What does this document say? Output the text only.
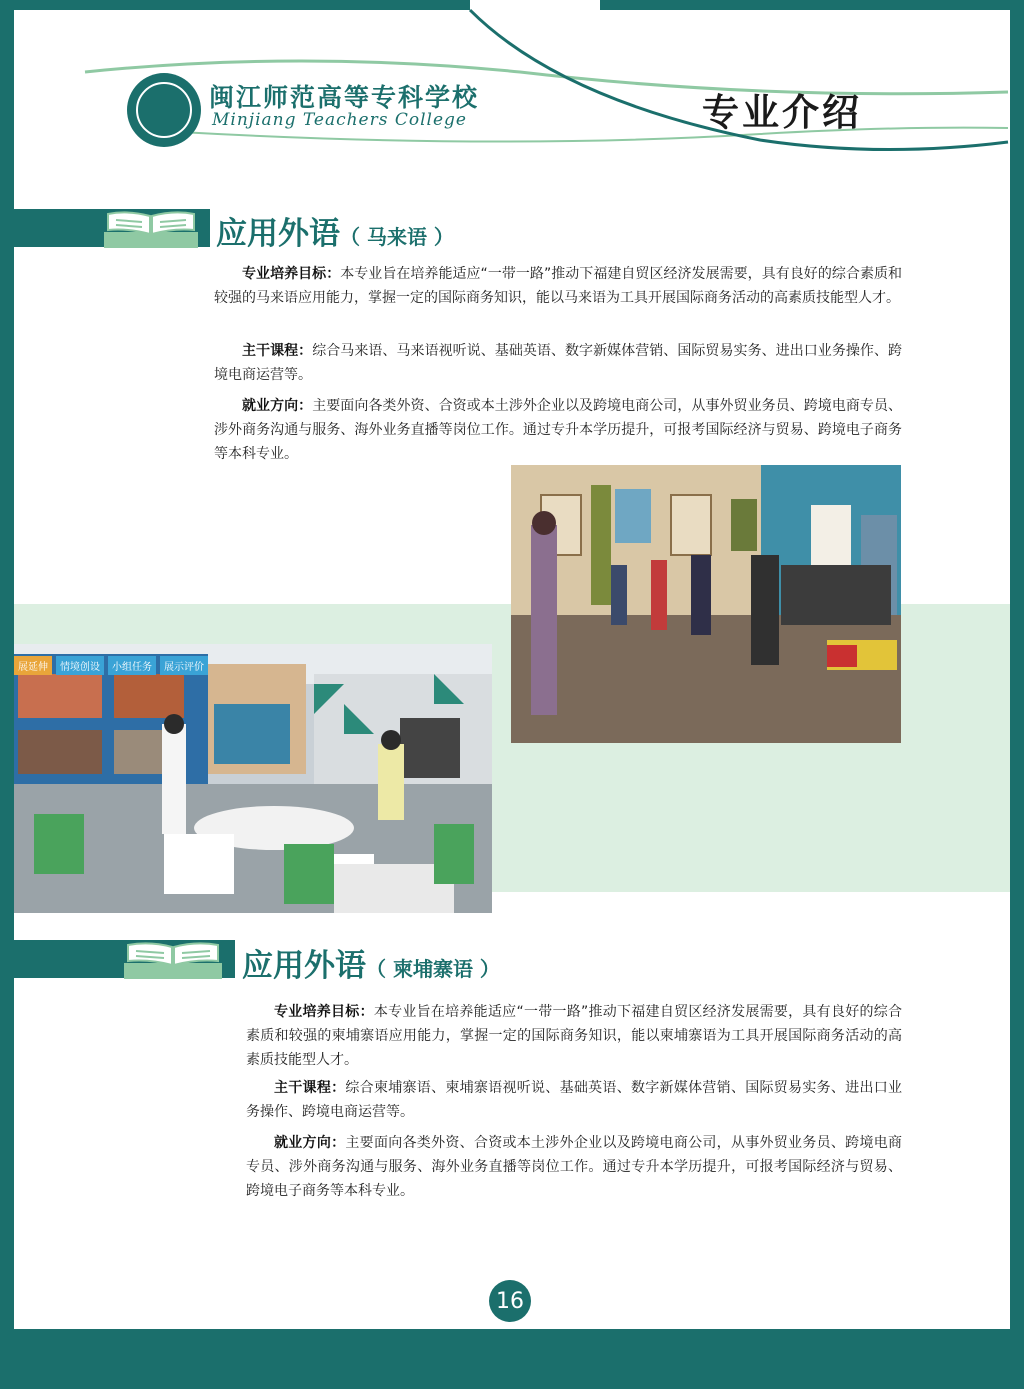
闽江师范高等专科学校
Minjiang Teachers College	专业介绍
应用外语（ 马来语 ）

专业培养目标：本专业旨在培养能适应“一带一路”推动下福建自贸区经济发展需要，具有良好的综合素质和较强的马来语应用能力，掌握一定的国际商务知识，能以马来语为工具开展国际商务活动的高素质技能型人才。

主干课程：综合马来语、马来语视听说、基础英语、数字新媒体营销、国际贸易实务、进出口业务操作、跨境电商运营等。

就业方向：主要面向各类外资、合资或本土涉外企业以及跨境电商公司，从事外贸业务员、跨境电商专员、涉外商务沟通与服务、海外业务直播等岗位工作。通过专升本学历提升，可报考国际经济与贸易、跨境电子商务等本科专业。

展延伸	情境创设	小组任务	展示评价
应用外语（ 柬埔寨语 ）

专业培养目标：本专业旨在培养能适应“一带一路”推动下福建自贸区经济发展需要，具有良好的综合素质和较强的柬埔寨语应用能力，掌握一定的国际商务知识，能以柬埔寨语为工具开展国际商务活动的高素质技能型人才。

主干课程：综合柬埔寨语、柬埔寨语视听说、基础英语、数字新媒体营销、国际贸易实务、进出口业务操作、跨境电商运营等。

就业方向：主要面向各类外资、合资或本土涉外企业以及跨境电商公司，从事外贸业务员、跨境电商专员、涉外商务沟通与服务、海外业务直播等岗位工作。通过专升本学历提升，可报考国际经济与贸易、跨境电子商务等本科专业。

16
